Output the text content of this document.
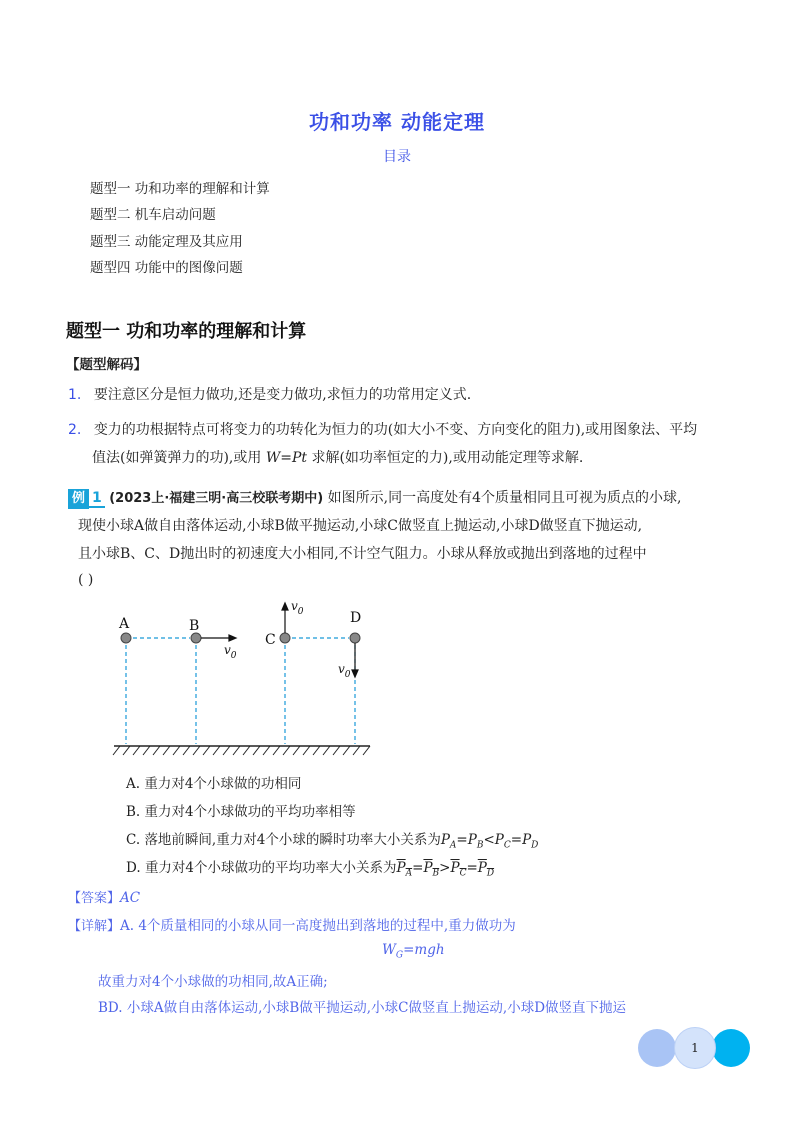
功和功率 动能定理
目录
题型一 功和功率的理解和计算
题型二 机车启动问题
题型三 动能定理及其应用
题型四 功能中的图像问题
题型一 功和功率的理解和计算
【题型解码】
1. 要注意区分是恒力做功,还是变力做功,求恒力的功常用定义式.
2. 变力的功根据特点可将变力的功转化为恒力的功(如大小不变、方向变化的阻力),或用图象法、平均
值法(如弹簧弹力的功),或用 W=Pt 求解(如功率恒定的力),或用动能定理等求解.
例 1 (2023上·福建三明·高三校联考期中) 如图所示,同一高度处有4个质量相同且可视为质点的小球,
现使小球A做自由落体运动,小球B做平抛运动,小球C做竖直上抛运动,小球D做竖直下抛运动,
且小球B、C、D抛出时的初速度大小相同,不计空气阻力。小球从释放或抛出到落地的过程中
( )
A	B
C
D
$v_0$
$v_0$
$v_0$
A. 重力对4个小球做的功相同
B. 重力对4个小球做功的平均功率相等
C. 落地前瞬间,重力对4个小球的瞬时功率大小关系为$P_A=P_B<P_C=P_D$
D. 重力对4个小球做功的平均功率大小关系为$P_A=P_B>P_C=P_D$
【答案】AC
【详解】A. 4个质量相同的小球从同一高度抛出到落地的过程中,重力做功为
$W_G=mgh$
故重力对4个小球做的功相同,故A正确;
BD. 小球A做自由落体运动,小球B做平抛运动,小球C做竖直上抛运动,小球D做竖直下抛运
1
